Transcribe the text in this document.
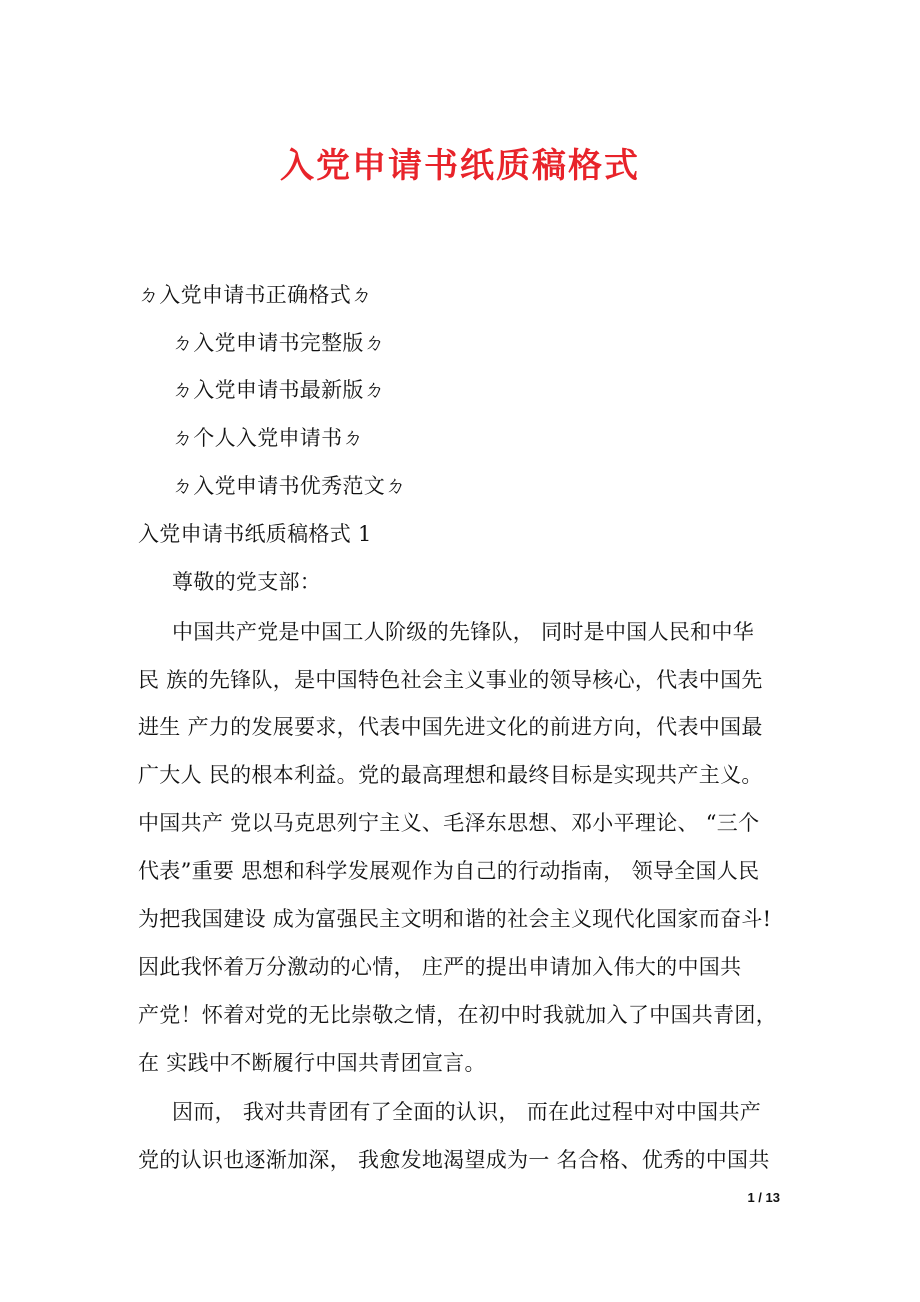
入党申请书纸质稿格式
ㄉ入党申请书正确格式ㄉ
ㄉ入党申请书完整版ㄉ
ㄉ入党申请书最新版ㄉ
ㄉ个人入党申请书ㄉ
ㄉ入党申请书优秀范文ㄉ
入党申请书纸质稿格式 1
尊敬的党支部：
中国共产党是中国工人阶级的先锋队， 同时是中国人民和中华
民 族的先锋队，是中国特色社会主义事业的领导核心，代表中国先
进生 产力的发展要求，代表中国先进文化的前进方向，代表中国最
广大人 民的根本利益。党的最高理想和最终目标是实现共产主义。
中国共产 党以马克思列宁主义、毛泽东思想、邓小平理论、 “三个
代表”重要 思想和科学发展观作为自己的行动指南， 领导全国人民
为把我国建设 成为富强民主文明和谐的社会主义现代化国家而奋斗!
因此我怀着万分激动的心情， 庄严的提出申请加入伟大的中国共
产党！怀着对党的无比崇敬之情，在初中时我就加入了中国共青团，
在 实践中不断履行中国共青团宣言。
因而， 我对共青团有了全面的认识， 而在此过程中对中国共产
党的认识也逐渐加深， 我愈发地渴望成为一 名合格、优秀的中国共
1 / 13
